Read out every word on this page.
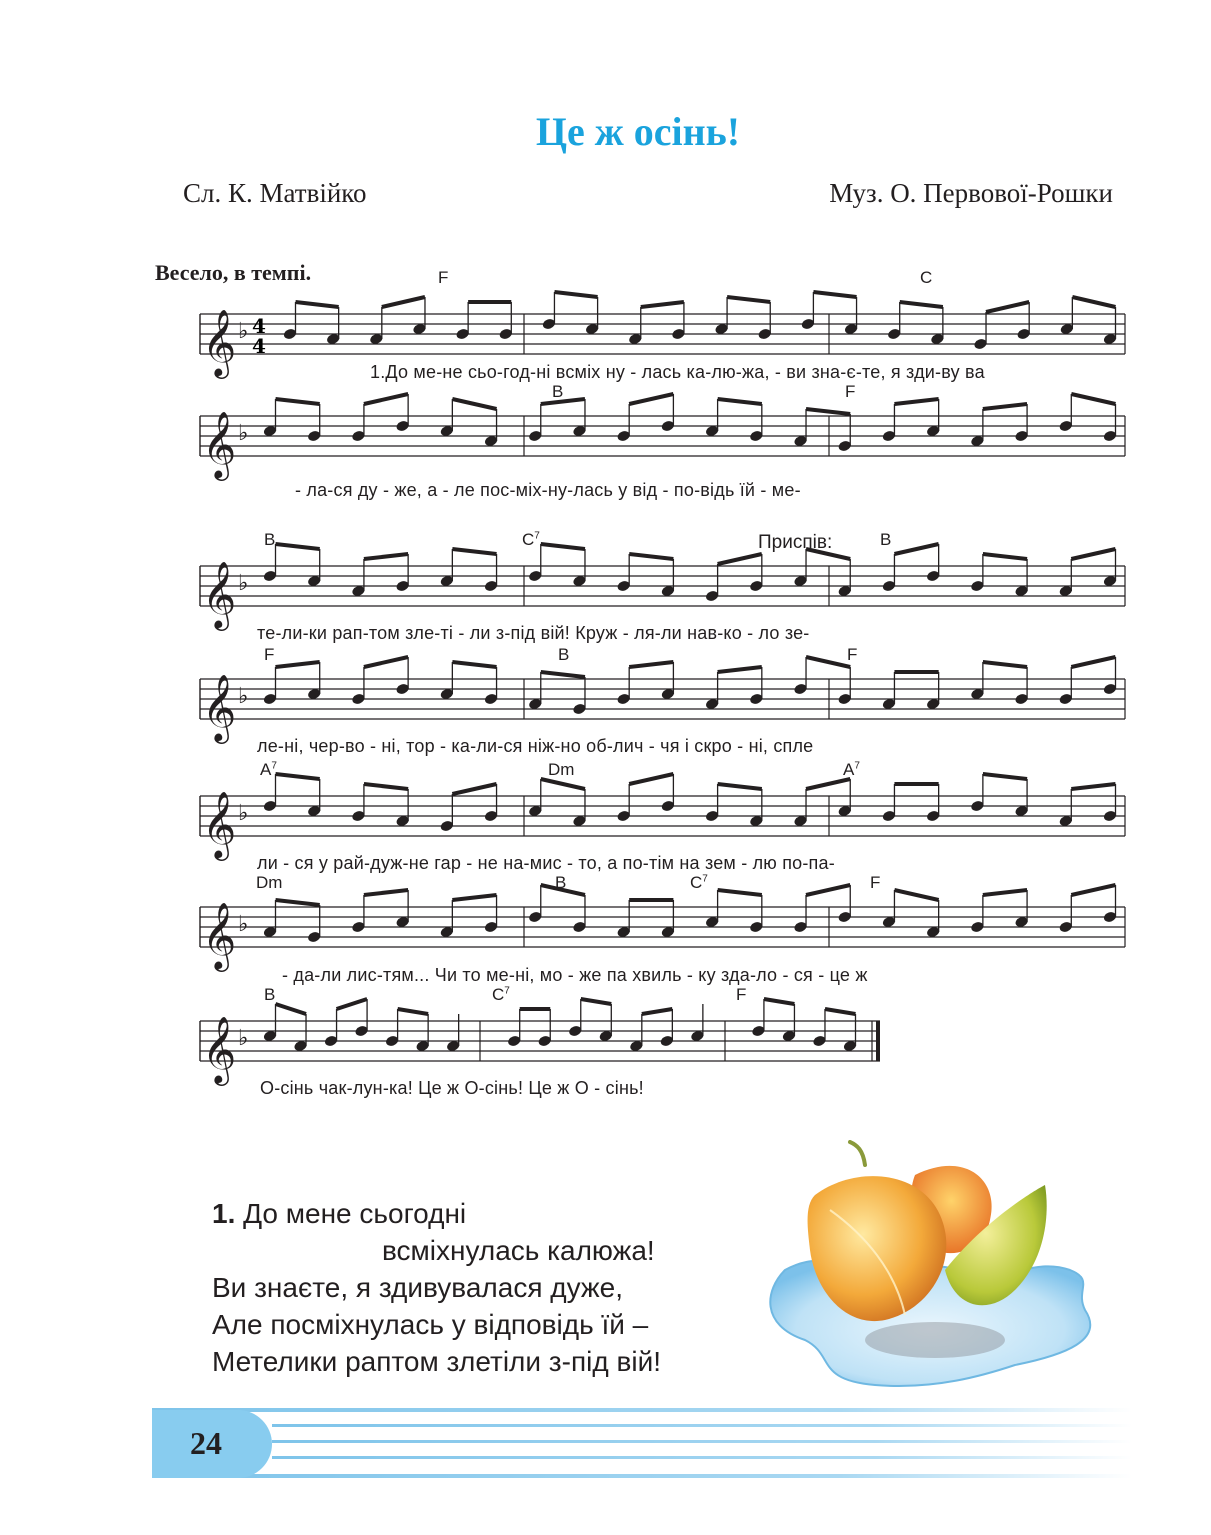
Це ж осінь!
Сл. К. Матвійко	Муз. О. Первової-Рошки
Весело, в темпі.
𝄞 ♭ 4
4
F	C
1.До ме-не сьо-год-ні всміх ну - лась ка-лю-жа, - ви зна-є-те, я зди-ву ва
𝄞 ♭
B	F
- ла-ся ду - же, а - ле пос-міх-ну-лась у від - по-відь їй - ме-
𝄞 ♭
B	$C^7$	Приспів:	B
те-ли-ки рап-том зле-ті - ли з-під вій! Круж - ля-ли нав-ко - ло зе-
𝄞 ♭
F	B	F
ле-ні, чер-во - ні, тор - ка-ли-ся ніж-но об-лич - чя і скро - ні, спле
𝄞 ♭
$A^7$	Dm	$A^7$
ли - ся у рай-дуж-не гар - не на-мис - то, а по-тім на зем - лю по-па-
𝄞 ♭
Dm	B	$C^7$	F
- да-ли лис-тям... Чи то ме-ні, мо - же па хвиль - ку зда-ло - ся - це ж
𝄞 ♭
B	$C^7$	F
О-сінь чак-лун-ка! Це ж О-сінь! Це ж О - сінь!
1. До мене сьогодні
всміхнулась калюжа!
Ви знаєте, я здивувалася дуже,
Але посміхнулась у відповідь їй –
Метелики раптом злетіли з-під вій!
24
